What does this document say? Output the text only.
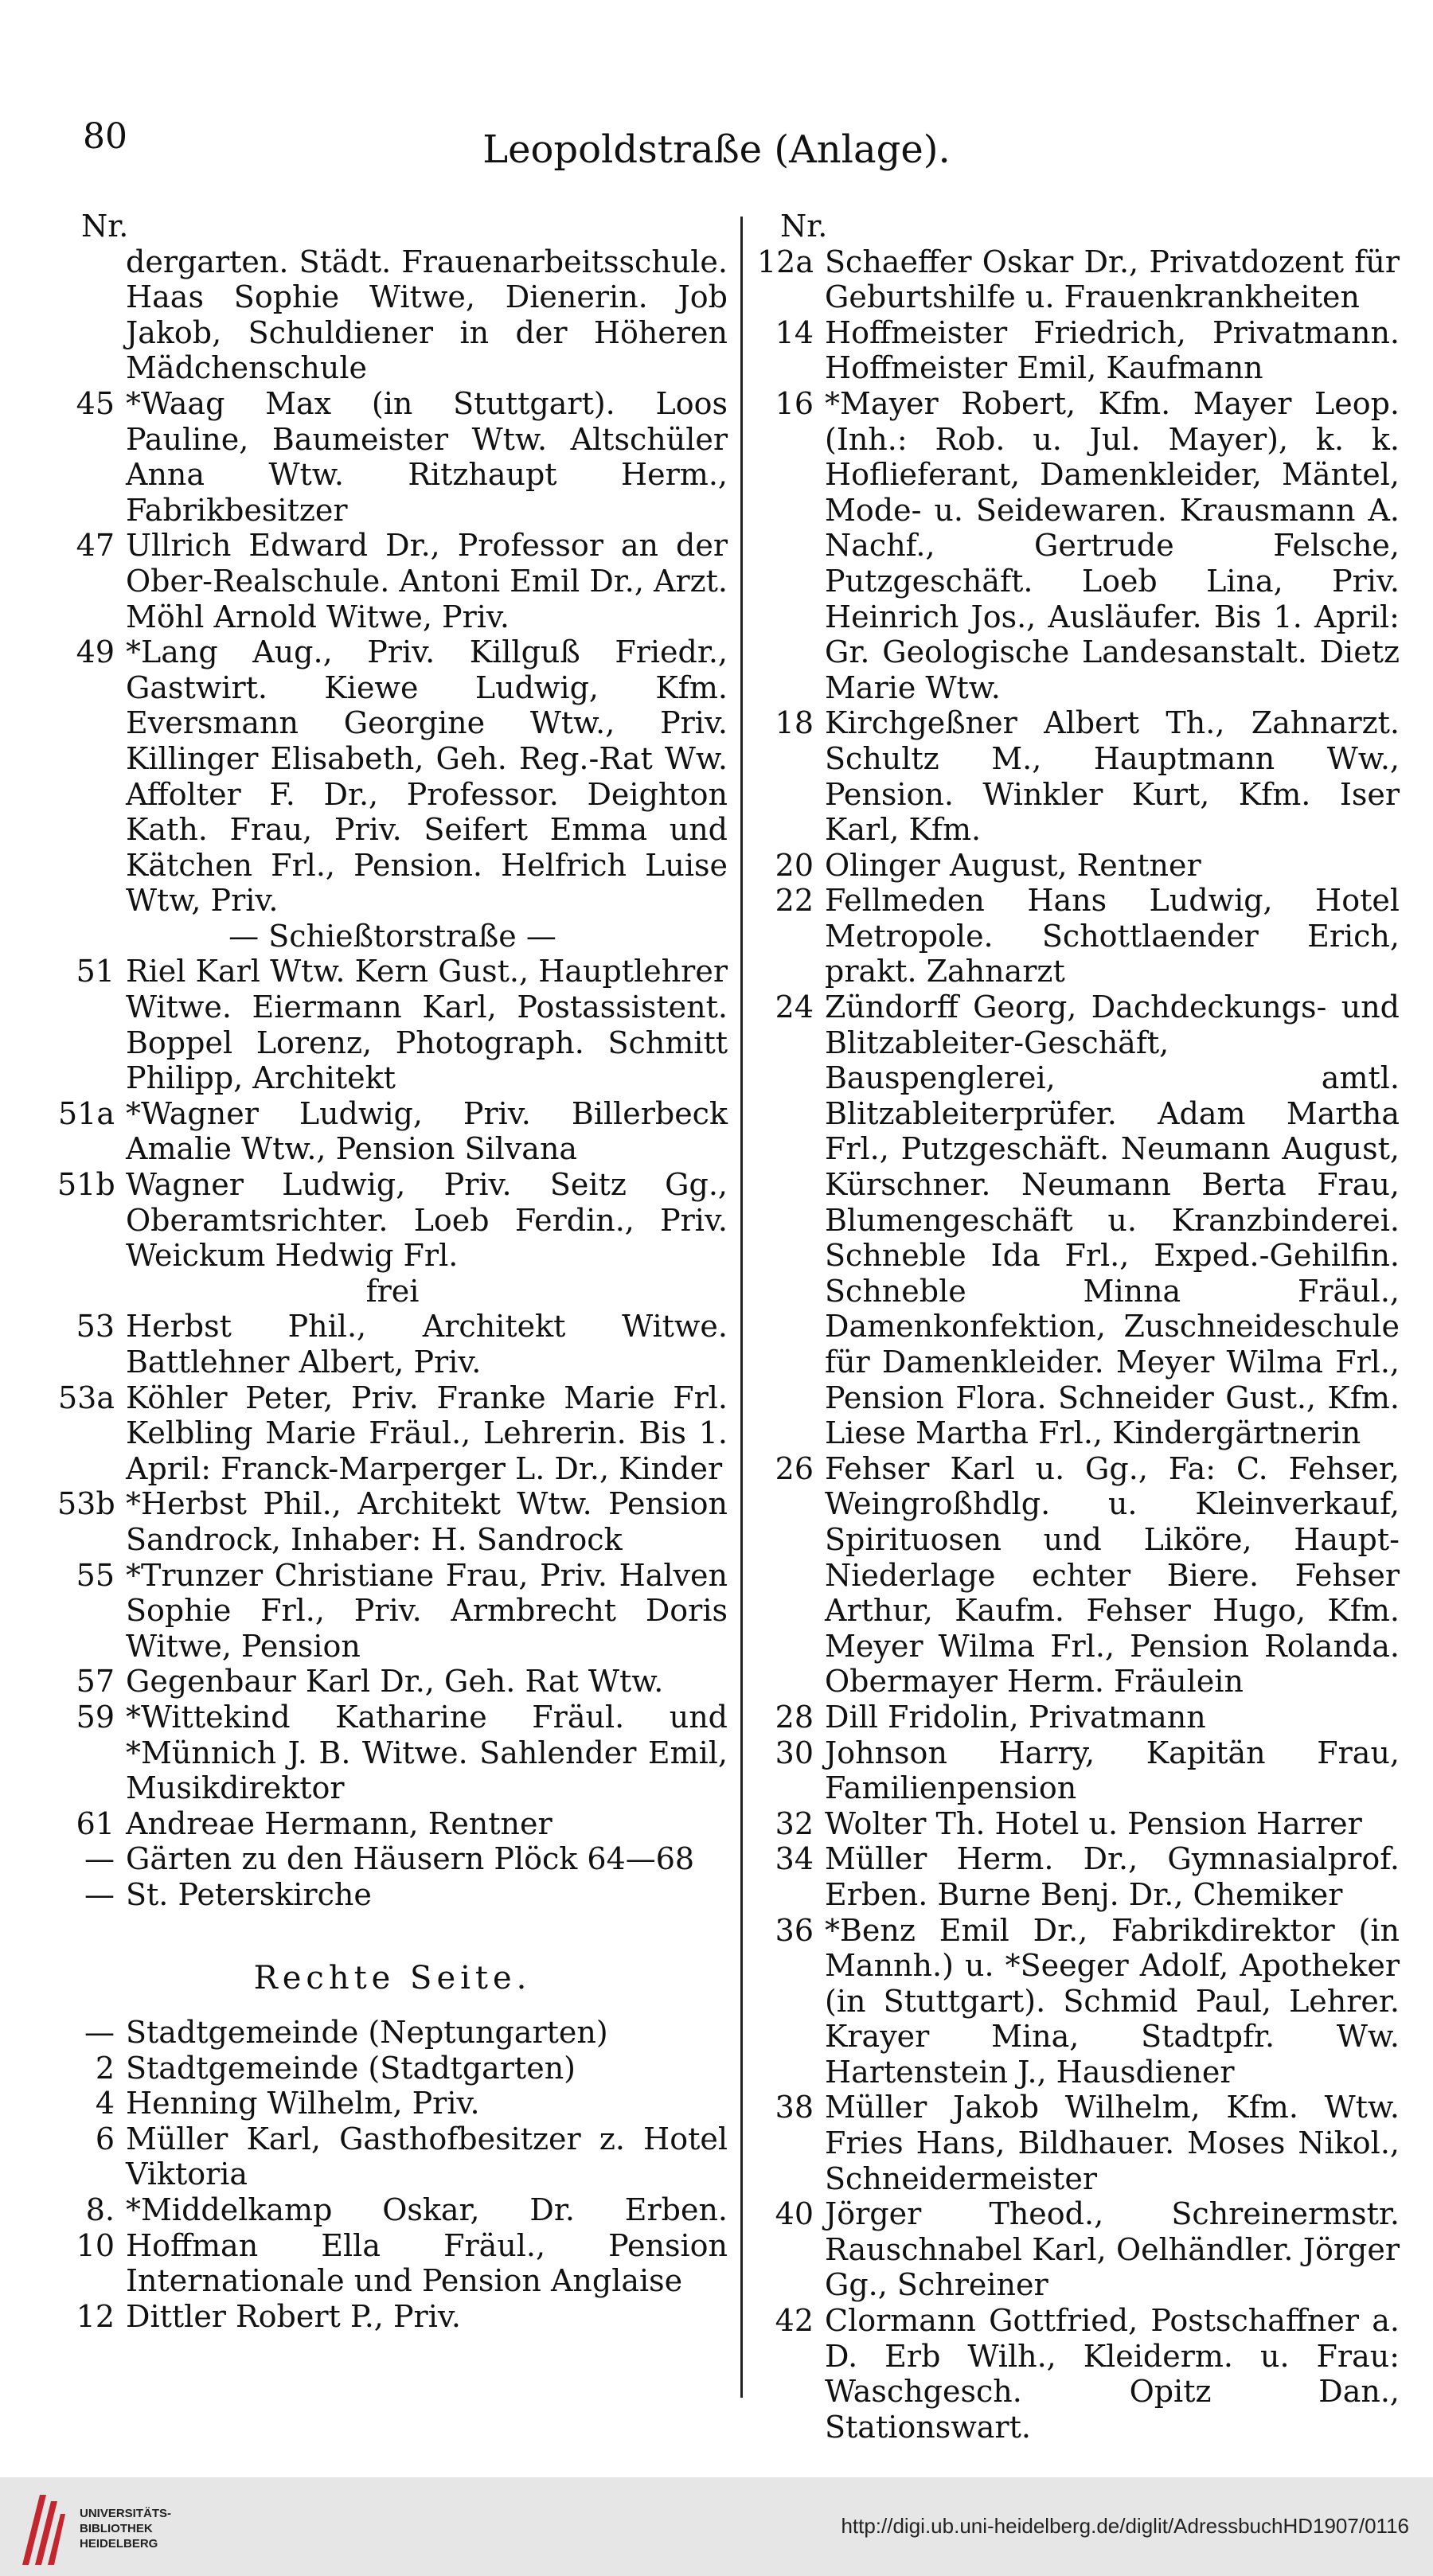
80	Leopoldstraße (Anlage).
Nr.
dergarten. Städt. Frauenarbeitsschule. Haas Sophie Witwe, Dienerin. Job Jakob, Schuldiener in der Höheren Mädchenschule
45 *Waag Max (in Stuttgart). Loos Pauline, Baumeister Wtw. Altschüler Anna Wtw. Ritzhaupt Herm., Fabrikbesitzer
47 Ullrich Edward Dr., Professor an der Ober-Realschule. Antoni Emil Dr., Arzt. Möhl Arnold Witwe, Priv.
49 *Lang Aug., Priv. Killguß Friedr., Gastwirt. Kiewe Ludwig, Kfm. Eversmann Georgine Wtw., Priv. Killinger Elisabeth, Geh. Reg.-Rat Ww. Affolter F. Dr., Professor. Deighton Kath. Frau, Priv. Seifert Emma und Kätchen Frl., Pension. Helfrich Luise Wtw, Priv.
— Schießtorstraße —
51 Riel Karl Wtw. Kern Gust., Hauptlehrer Witwe. Eiermann Karl, Postassistent. Boppel Lorenz, Photograph. Schmitt Philipp, Architekt
51a *Wagner Ludwig, Priv. Billerbeck Amalie Wtw., Pension Silvana
51b Wagner Ludwig, Priv. Seitz Gg., Oberamtsrichter. Loeb Ferdin., Priv. Weickum Hedwig Frl.
frei
53 Herbst Phil., Architekt Witwe. Battlehner Albert, Priv.
53a Köhler Peter, Priv. Franke Marie Frl. Kelbling Marie Fräul., Lehrerin. Bis 1. April: Franck-Marperger L. Dr., Kinder
53b *Herbst Phil., Architekt Wtw. Pension Sandrock, Inhaber: H. Sandrock
55 *Trunzer Christiane Frau, Priv. Halven Sophie Frl., Priv. Armbrecht Doris Witwe, Pension
57 Gegenbaur Karl Dr., Geh. Rat Wtw.
59 *Wittekind Katharine Fräul. und *Münnich J. B. Witwe. Sahlender Emil, Musikdirektor
61 Andreae Hermann, Rentner
— Gärten zu den Häusern Plöck 64—68
— St. Peterskirche
Rechte Seite.
— Stadtgemeinde (Neptungarten)
2 Stadtgemeinde (Stadtgarten)
4 Henning Wilhelm, Priv.
6 Müller Karl, Gasthofbesitzer z. Hotel Viktoria
8. 10
*Middelkamp Oskar, Dr. Erben. Hoffman Ella Fräul., Pension Internationale und Pension Anglaise
12 Dittler Robert P., Priv.
Nr.
12a Schaeffer Oskar Dr., Privatdozent für Geburtshilfe u. Frauenkrankheiten
14 Hoffmeister Friedrich, Privatmann. Hoffmeister Emil, Kaufmann
16 *Mayer Robert, Kfm. Mayer Leop. (Inh.: Rob. u. Jul. Mayer), k. k. Hoflieferant, Damenkleider, Mäntel, Mode- u. Seidewaren. Krausmann A. Nachf., Gertrude Felsche, Putzgeschäft. Loeb Lina, Priv. Heinrich Jos., Ausläufer. Bis 1. April: Gr. Geologische Landesanstalt. Dietz Marie Wtw.
18 Kirchgeßner Albert Th., Zahnarzt. Schultz M., Hauptmann Ww., Pension. Winkler Kurt, Kfm. Iser Karl, Kfm.
20 Olinger August, Rentner
22 Fellmeden Hans Ludwig, Hotel Metropole. Schottlaender Erich, prakt. Zahnarzt
24 Zündorff Georg, Dachdeckungs- und Blitzableiter-Geschäft, Bauspenglerei, amtl. Blitzableiterprüfer. Adam Martha Frl., Putzgeschäft. Neumann August, Kürschner. Neumann Berta Frau, Blumengeschäft u. Kranzbinderei. Schneble Ida Frl., Exped.-Gehilfin. Schneble Minna Fräul., Damenkonfektion, Zuschneideschule für Damenkleider. Meyer Wilma Frl., Pension Flora. Schneider Gust., Kfm. Liese Martha Frl., Kindergärtnerin
26 Fehser Karl u. Gg., Fa: C. Fehser, Weingroßhdlg. u. Kleinverkauf, Spirituosen und Liköre, Haupt-Niederlage echter Biere. Fehser Arthur, Kaufm. Fehser Hugo, Kfm. Meyer Wilma Frl., Pension Rolanda. Obermayer Herm. Fräulein
28 Dill Fridolin, Privatmann
30 Johnson Harry, Kapitän Frau, Familienpension
32 Wolter Th. Hotel u. Pension Harrer
34 Müller Herm. Dr., Gymnasialprof. Erben. Burne Benj. Dr., Chemiker
36 *Benz Emil Dr., Fabrikdirektor (in Mannh.) u. *Seeger Adolf, Apotheker (in Stuttgart). Schmid Paul, Lehrer. Krayer Mina, Stadtpfr. Ww. Hartenstein J., Hausdiener
38 Müller Jakob Wilhelm, Kfm. Wtw. Fries Hans, Bildhauer. Moses Nikol., Schneidermeister
40 Jörger Theod., Schreinermstr. Rauschnabel Karl, Oelhändler. Jörger Gg., Schreiner
42 Clormann Gottfried, Postschaffner a. D. Erb Wilh., Kleiderm. u. Frau: Waschgesch. Opitz Dan., Stationswart.
UNIVERSITÄTS-
BIBLIOTHEK
HEIDELBERG
http://digi.ub.uni-heidelberg.de/diglit/AdressbuchHD1907/0116
